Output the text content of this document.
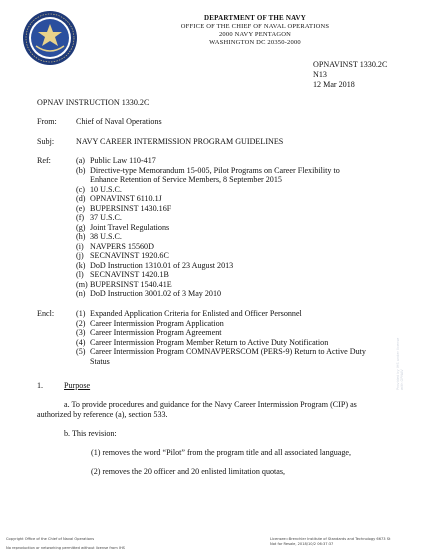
DEPARTMENT OF THE NAVY
OFFICE OF THE CHIEF OF NAVAL OPERATIONS
2000 NAVY PENTAGON
WASHINGTON DC 20350-2000
OPNAVINST 1330.2C
N13
12 Mar 2018
OPNAV INSTRUCTION 1330.2C
From: Chief of Naval Operations
Subj:	NAVY CAREER INTERMISSION PROGRAM GUIDELINES
Ref:	(a) Public Law 110-417
(b) Directive-type Memorandum 15-005, Pilot Programs on Career Flexibility to
Enhance Retention of Service Members, 8 September 2015
(c) 10 U.S.C.
(d) OPNAVINST 6110.1J
(e) BUPERSINST 1430.16F
(f) 37 U.S.C.
(g) Joint Travel Regulations
(h) 38 U.S.C.
(i) NAVPERS 15560D
(j) SECNAVINST 1920.6C
(k) DoD Instruction 1310.01 of 23 August 2013
(l) SECNAVINST 1420.1B
(m) BUPERSINST 1540.41E
(n) DoD Instruction 3001.02 of 3 May 2010
Encl:	(1) Expanded Application Criteria for Enlisted and Officer Personnel
(2) Career Intermission Program Application
(3) Career Intermission Program Agreement
(4) Career Intermission Program Member Return to Active Duty Notification
(5) Career Intermission Program COMNAVPERSCOM (PERS-9) Return to Active Duty
Status
1.	Purpose
a. To provide procedures and guidance for the Navy Career Intermission Program (CIP) as
authorized by reference (a), section 533.
b. This revision:
(1) removes the word “Pilot” from the program title and all associated language,
(2) removes the 20 officer and 20 enlisted limitation quotas,
Provided by IHS under license with OPNAV
Copyright Office of the Chief of Naval Operations
No reproduction or networking permitted without license from IHS
Licensee=Brenchler Institute of Standards and Technology 6673 St
Not for Resale, 2018/10/2 06:37:37
